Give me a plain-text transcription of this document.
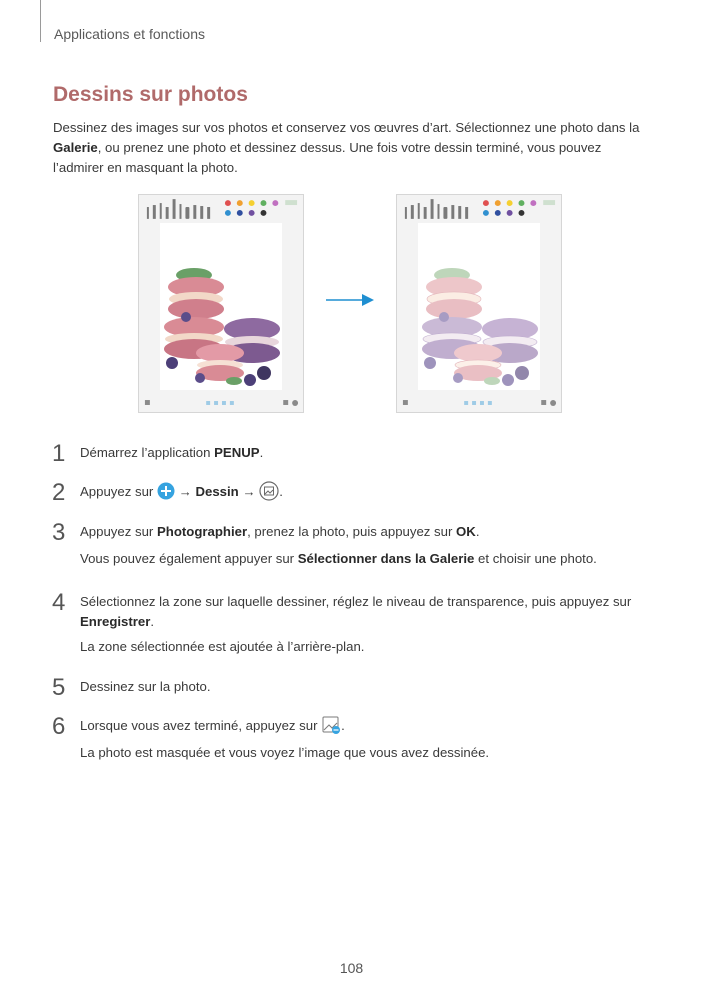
Applications et fonctions
Dessins sur photos
Dessinez des images sur vos photos et conservez vos œuvres d’art. Sélectionnez une photo dans la Galerie, ou prenez une photo et dessinez dessus. Une fois votre dessin terminé, vous pouvez l’admirer en masquant la photo.
1	Démarrez l’application PENUP.
2	Appuyez sur  → Dessin → .
3	Appuyez sur Photographier, prenez la photo, puis appuyez sur OK.
Vous pouvez également appuyer sur Sélectionner dans la Galerie et choisir une photo.
4	Sélectionnez la zone sur laquelle dessiner, réglez le niveau de transparence, puis appuyez sur Enregistrer.
La zone sélectionnée est ajoutée à l’arrière-plan.
5	Dessinez sur la photo.
6	Lorsque vous avez terminé, appuyez sur .
La photo est masquée et vous voyez l’image que vous avez dessinée.
108
